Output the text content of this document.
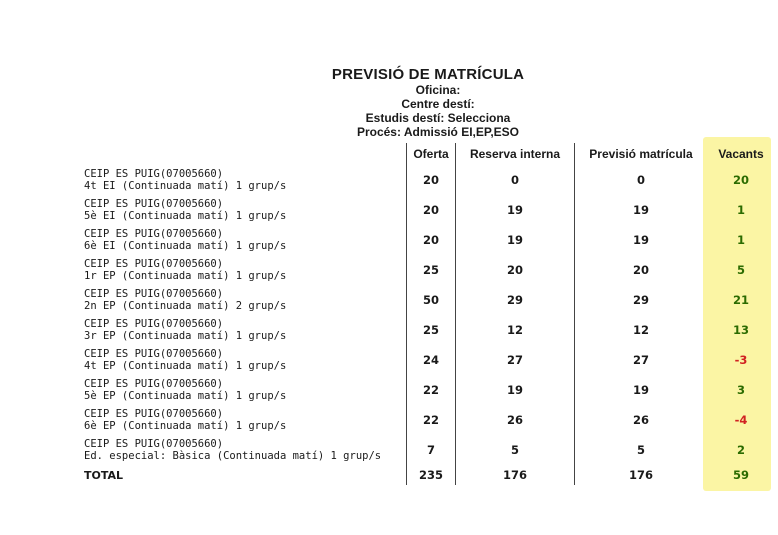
PREVISIÓ DE MATRÍCULA
Oficina:
Centre destí:
Estudis destí: Selecciona
Procés: Admissió EI,EP,ESO
	Oferta	Reserva interna	Previsió matrícula	Vacants

CEIP ES PUIG(07005660)
4t EI (Continuada matí) 1 grup/s	20	0	0	20

CEIP ES PUIG(07005660)
5è EI (Continuada matí) 1 grup/s	20	19	19	1

CEIP ES PUIG(07005660)
6è EI (Continuada matí) 1 grup/s	20	19	19	1

CEIP ES PUIG(07005660)
1r EP (Continuada matí) 1 grup/s	25	20	20	5

CEIP ES PUIG(07005660)
2n EP (Continuada matí) 2 grup/s	50	29	29	21

CEIP ES PUIG(07005660)
3r EP (Continuada matí) 1 grup/s	25	12	12	13

CEIP ES PUIG(07005660)
4t EP (Continuada matí) 1 grup/s	24	27	27	-3

CEIP ES PUIG(07005660)
5è EP (Continuada matí) 1 grup/s	22	19	19	3

CEIP ES PUIG(07005660)
6è EP (Continuada matí) 1 grup/s	22	26	26	-4

CEIP ES PUIG(07005660)
Ed. especial: Bàsica (Continuada matí) 1 grup/s	7	5	5	2
TOTAL	235	176	176	59
